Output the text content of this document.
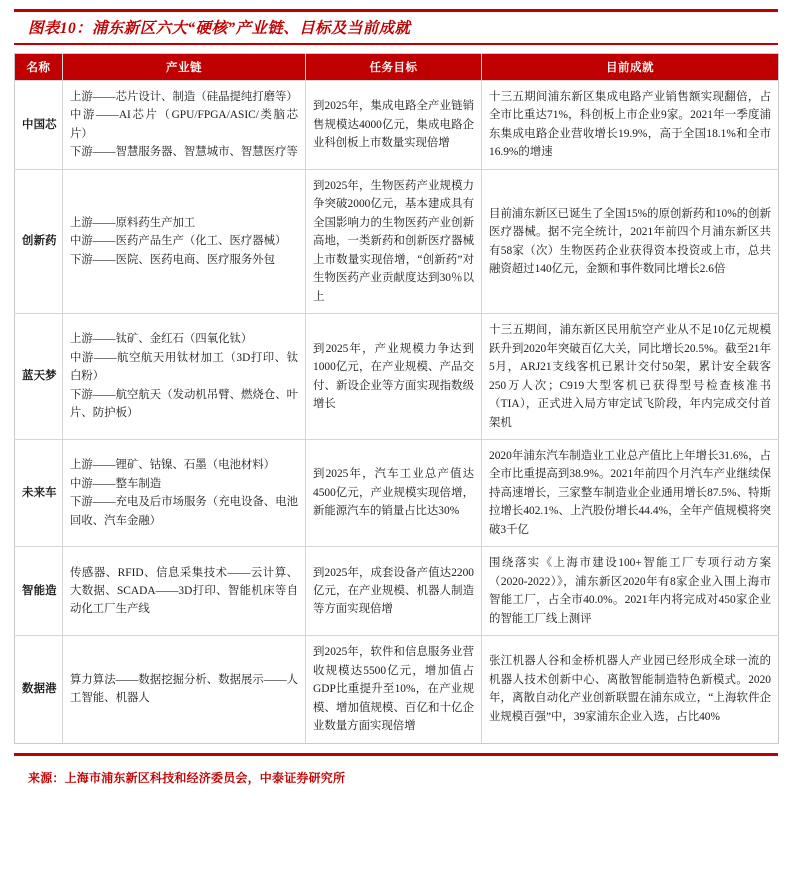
图表10：浦东新区六大“硬核”产业链、目标及当前成就
名称	产业链	任务目标	目前成就
中国芯	上游——芯片设计、制造（硅晶提纯打磨等）
中游——AI芯片（GPU/FPGA/ASIC/类脑芯片）
下游——智慧服务器、智慧城市、智慧医疗等	到2025年，集成电路全产业链销售规模达4000亿元，集成电路企业科创板上市数量实现倍增	十三五期间浦东新区集成电路产业销售额实现翻倍，占全市比重达71%，科创板上市企业9家。2021年一季度浦东集成电路企业营收增长19.9%，高于全国18.1%和全市16.9%的增速
创新药	上游——原料药生产加工
中游——医药产品生产（化工、医疗器械）
下游——医院、医药电商、医疗服务外包	到2025年，生物医药产业规模力争突破2000亿元，基本建成具有全国影响力的生物医药产业创新高地，一类新药和创新医疗器械上市数量实现倍增，“创新药”对生物医药产业贡献度达到30％以上	目前浦东新区已诞生了全国15%的原创新药和10%的创新医疗器械。据不完全统计，2021年前四个月浦东新区共有58家（次）生物医药企业获得资本投资或上市，总共融资超过140亿元，金额和事件数同比增长2.6倍
蓝天梦	上游——钛矿、金红石（四氧化钛）
中游——航空航天用钛材加工（3D打印、钛白粉）
下游——航空航天（发动机吊臂、燃烧仓、叶片、防护板）	到2025年，产业规模力争达到1000亿元，在产业规模、产品交付、新设企业等方面实现指数级增长	十三五期间，浦东新区民用航空产业从不足10亿元规模跃升到2020年突破百亿大关，同比增长20.5%。截至21年5月，ARJ21支线客机已累计交付50架，累计安全载客250万人次；C919大型客机已获得型号检查核准书（TIA），正式进入局方审定试飞阶段，年内完成交付首架机
未来车	上游——锂矿、钴镍、石墨（电池材料）
中游——整车制造
下游——充电及后市场服务（充电设备、电池回收、汽车金融）	到2025年，汽车工业总产值达4500亿元，产业规模实现倍增，新能源汽车的销量占比达30%	2020年浦东汽车制造业工业总产值比上年增长31.6%，占全市比重提高到38.9%。2021年前四个月汽车产业继续保持高速增长，三家整车制造业企业通用增长87.5%、特斯拉增长402.1%、上汽股份增长44.4%，全年产值规模将突破3千亿
智能造	传感器、RFID、信息采集技术——云计算、大数据、SCADA——3D打印、智能机床等自动化工厂生产线	到2025年，成套设备产值达2200亿元，在产业规模、机器人制造等方面实现倍增	围绕落实《上海市建设100+智能工厂专项行动方案（2020-2022）》，浦东新区2020年有8家企业入围上海市智能工厂，占全市40.0%。2021年内将完成对450家企业的智能工厂线上测评
数据港	算力算法——数据挖掘分析、数据展示——人工智能、机器人	到2025年，软件和信息服务业营收规模达5500亿元，增加值占GDP比重提升至10%，在产业规模、增加值规模、百亿和十亿企业数量方面实现倍增	张江机器人谷和金桥机器人产业园已经形成全球一流的机器人技术创新中心、离散智能制造特色新模式。2020年，离散自动化产业创新联盟在浦东成立，“上海软件企业规模百强”中，39家浦东企业入选，占比40%
来源：上海市浦东新区科技和经济委员会，中泰证券研究所
